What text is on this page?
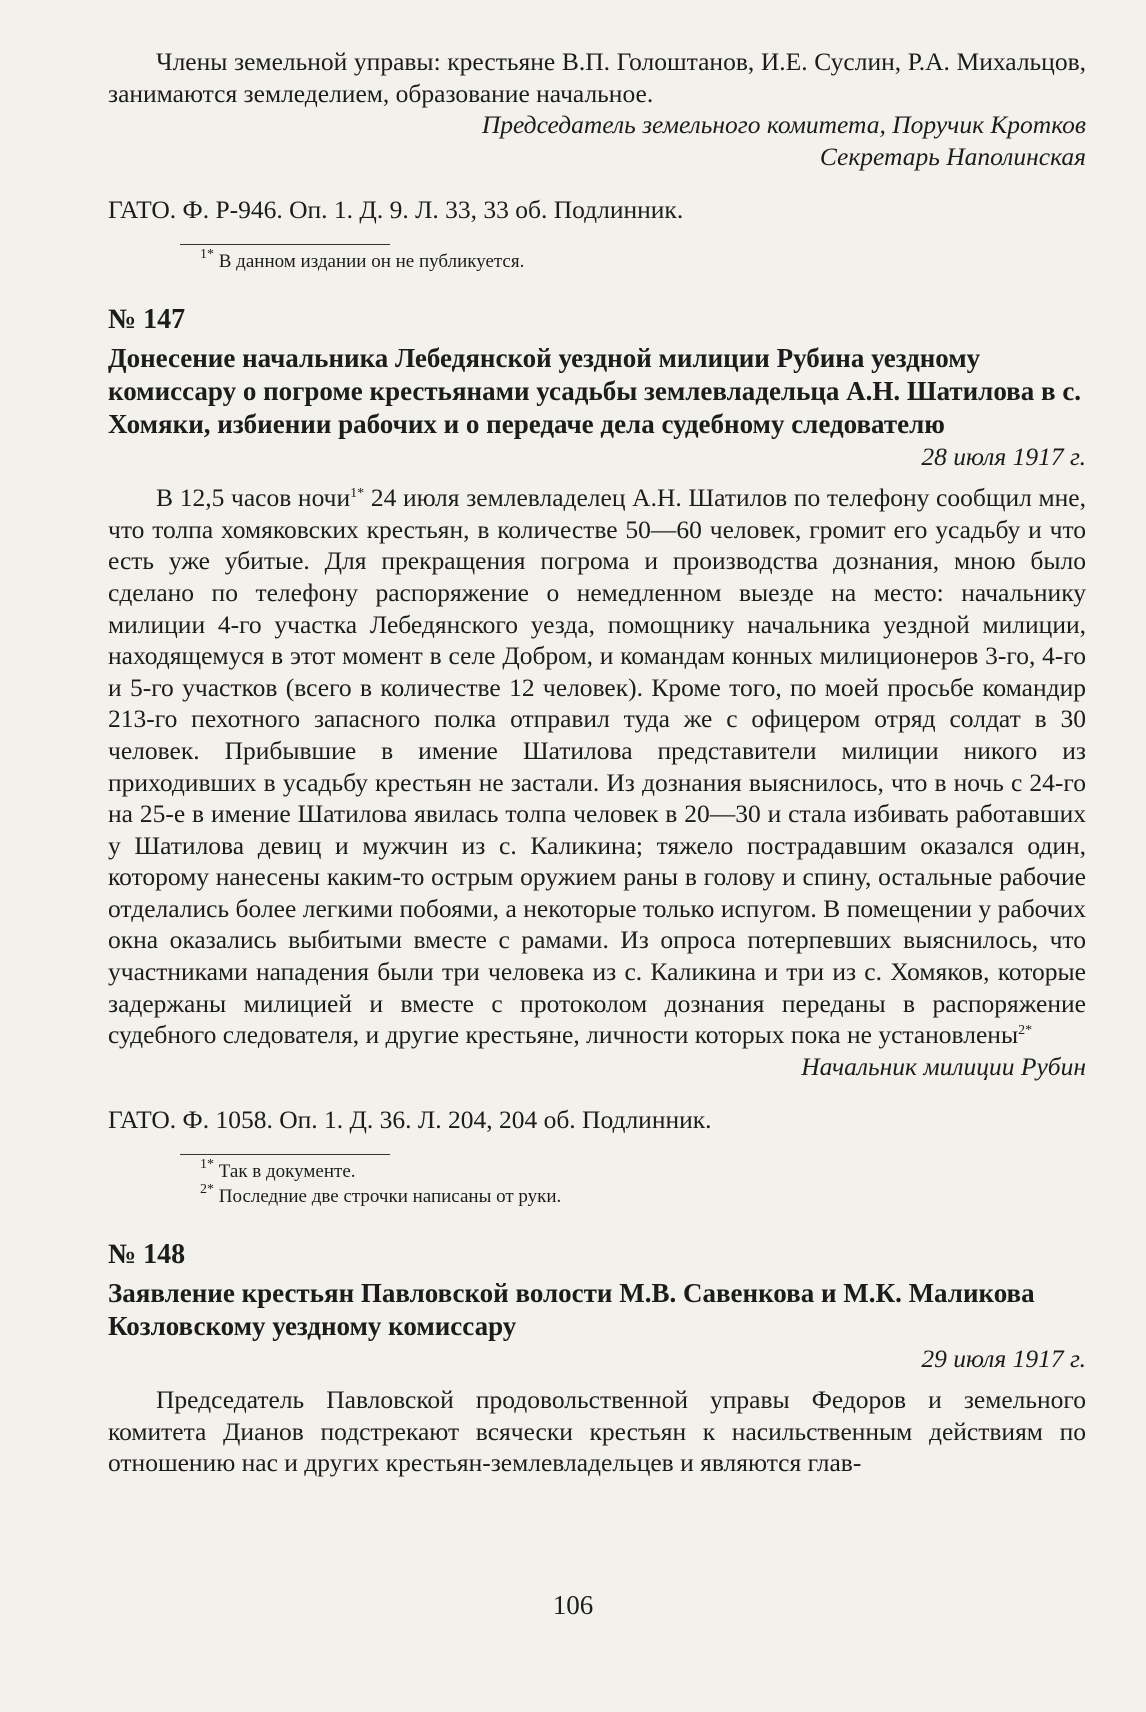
Члены земельной управы: крестьяне В.П. Голоштанов, И.Е. Суслин, Р.А. Михальцов, занимаются земледелием, образование начальное.

Председатель земельного комитета, Поручик Кротков

Секретарь Наполинская

ГАТО. Ф. Р-946. Оп. 1. Д. 9. Л. 33, 33 об. Подлинник.

$^{1*}$ В данном издании он не публикуется.

№ 147

Донесение начальника Лебедянской уездной милиции Рубина уездному комиссару о погроме крестьянами усадьбы землевладельца А.Н. Шатилова в с. Хомяки, избиении рабочих и о передаче дела судебному следователю

28 июля 1917 г.

В 12,5 часов ночи$^{1*}$ 24 июля землевладелец А.Н. Шатилов по телефону сообщил мне, что толпа хомяковских крестьян, в количестве 50—60 человек, громит его усадьбу и что есть уже убитые. Для прекращения погрома и производства дознания, мною было сделано по телефону распоряжение о немедленном выезде на место: начальнику милиции 4-го участка Лебедянского уезда, помощнику начальника уездной милиции, находящемуся в этот момент в селе Добром, и командам конных милиционеров 3-го, 4-го и 5-го участков (всего в количестве 12 человек). Кроме того, по моей просьбе командир 213-го пехотного запасного полка отправил туда же с офицером отряд солдат в 30 человек. Прибывшие в имение Шатилова представители милиции никого из приходивших в усадьбу крестьян не застали. Из дознания выяснилось, что в ночь с 24-го на 25-е в имение Шатилова явилась толпа человек в 20—30 и стала избивать работавших у Шатилова девиц и мужчин из с. Каликина; тяжело пострадавшим оказался один, которому нанесены каким-то острым оружием раны в голову и спину, остальные рабочие отделались более легкими побоями, а некоторые только испугом. В помещении у рабочих окна оказались выбитыми вместе с рамами. Из опроса потерпевших выяснилось, что участниками нападения были три человека из с. Каликина и три из с. Хомяков, которые задержаны милицией и вместе с протоколом дознания переданы в распоряжение судебного следователя, и другие крестьяне, личности которых пока не установлены$^{2*}$

Начальник милиции Рубин

ГАТО. Ф. 1058. Оп. 1. Д. 36. Л. 204, 204 об. Подлинник.

$^{1*}$ Так в документе.

$^{2*}$ Последние две строчки написаны от руки.

№ 148

Заявление крестьян Павловской волости М.В. Савенкова и М.К. Маликова Козловскому уездному комиссару

29 июля 1917 г.

Председатель Павловской продовольственной управы Федоров и земельного комитета Дианов подстрекают всячески крестьян к насильственным действиям по отношению нас и других крестьян-землевладельцев и являются глав-

106
